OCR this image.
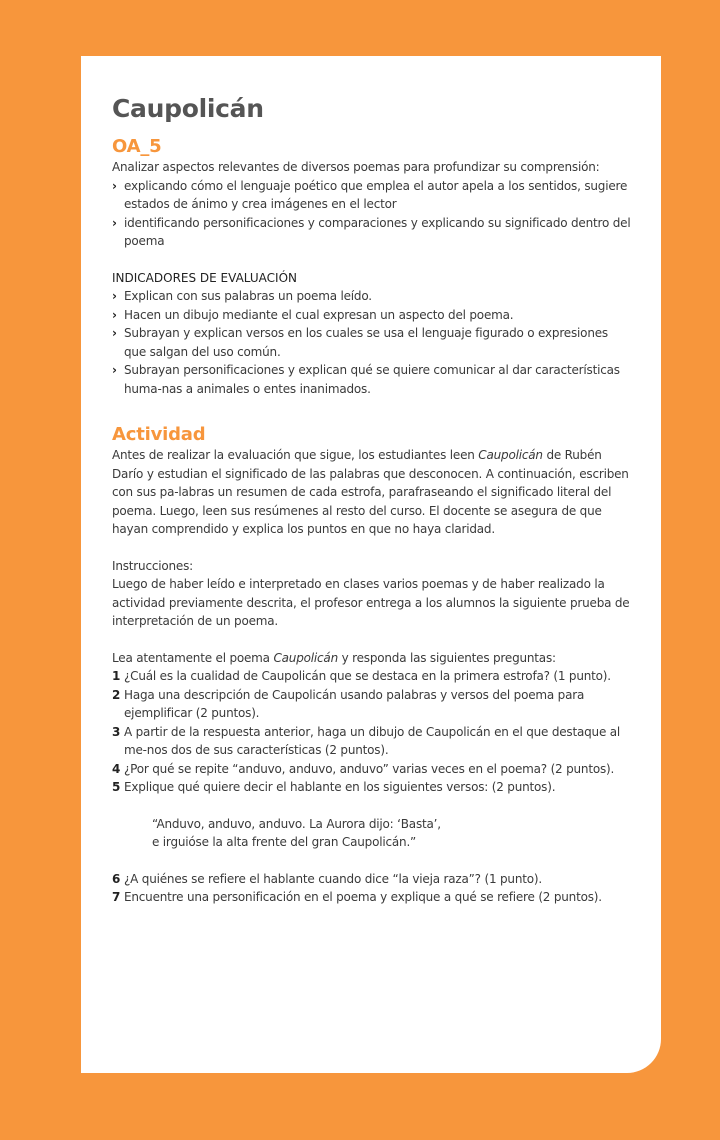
Caupolicán
OA_5

Analizar aspectos relevantes de diversos poemas para profundizar su comprensión:

› explicando cómo el lenguaje poético que emplea el autor apela a los sentidos, sugiere estados de ánimo y crea imágenes en el lector
› identificando personificaciones y comparaciones y explicando su significado dentro del poema
INDICADORES DE EVALUACIÓN
› Explican con sus palabras un poema leído.
› Hacen un dibujo mediante el cual expresan un aspecto del poema.
› Subrayan y explican versos en los cuales se usa el lenguaje figurado o expresiones que salgan del uso común.
› Subrayan personificaciones y explican qué se quiere comunicar al dar características huma-nas a animales o entes inanimados.
Actividad

Antes de realizar la evaluación que sigue, los estudiantes leen Caupolicán de Rubén Darío y estudian el significado de las palabras que desconocen. A continuación, escriben con sus pa-labras un resumen de cada estrofa, parafraseando el significado literal del poema. Luego, leen sus resúmenes al resto del curso. El docente se asegura de que hayan comprendido y explica los puntos en que no haya claridad.

Instrucciones:

Luego de haber leído e interpretado en clases varios poemas y de haber realizado la actividad previamente descrita, el profesor entrega a los alumnos la siguiente prueba de interpretación de un poema.

Lea atentamente el poema Caupolicán y responda las siguientes preguntas:

1 ¿Cuál es la cualidad de Caupolicán que se destaca en la primera estrofa? (1 punto).
2 Haga una descripción de Caupolicán usando palabras y versos del poema para ejemplificar (2 puntos).
3 A partir de la respuesta anterior, haga un dibujo de Caupolicán en el que destaque al me-nos dos de sus características (2 puntos).
4 ¿Por qué se repite “anduvo, anduvo, anduvo” varias veces en el poema? (2 puntos).
5 Explique qué quiere decir el hablante en los siguientes versos: (2 puntos).

“Anduvo, anduvo, anduvo. La Aurora dijo: ‘Basta’,

e irguióse la alta frente del gran Caupolicán.”

6 ¿A quiénes se refiere el hablante cuando dice “la vieja raza”? (1 punto).
7 Encuentre una personificación en el poema y explique a qué se refiere (2 puntos).
